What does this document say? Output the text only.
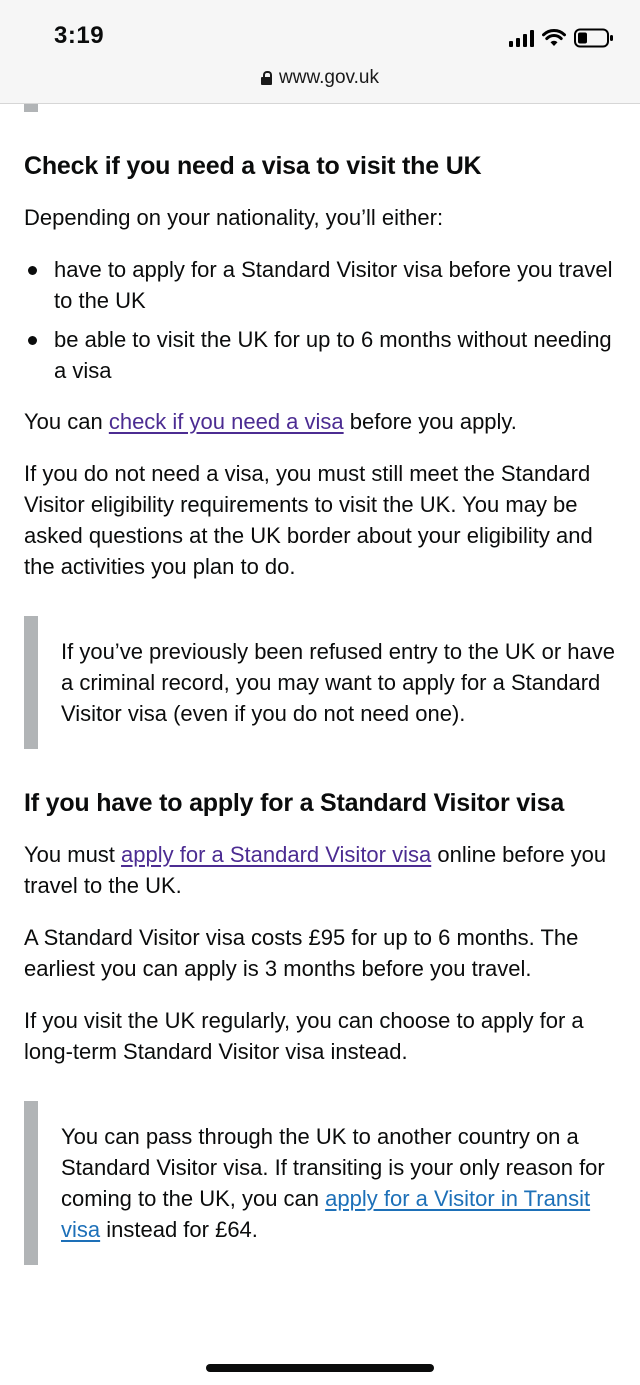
3:19
www.gov.uk
Check if you need a visa to visit the UK

Depending on your nationality, you’ll either:

have to apply for a Standard Visitor visa before you travel to the UK
be able to visit the UK for up to 6 months without needing a visa

You can check if you need a visa before you apply.

If you do not need a visa, you must still meet the Standard Visitor eligibility requirements to visit the UK. You may be asked questions at the UK border about your eligibility and the activities you plan to do.

If you’ve previously been refused entry to the UK or have a criminal record, you may want to apply for a Standard Visitor visa (even if you do not need one).

If you have to apply for a Standard Visitor visa

You must apply for a Standard Visitor visa online before you travel to the UK.

A Standard Visitor visa costs £95 for up to 6 months. The earliest you can apply is 3 months before you travel.

If you visit the UK regularly, you can choose to apply for a long-term Standard Visitor visa instead.

You can pass through the UK to another country on a Standard Visitor visa. If transiting is your only reason for coming to the UK, you can apply for a Visitor in Transit visa instead for £64.
